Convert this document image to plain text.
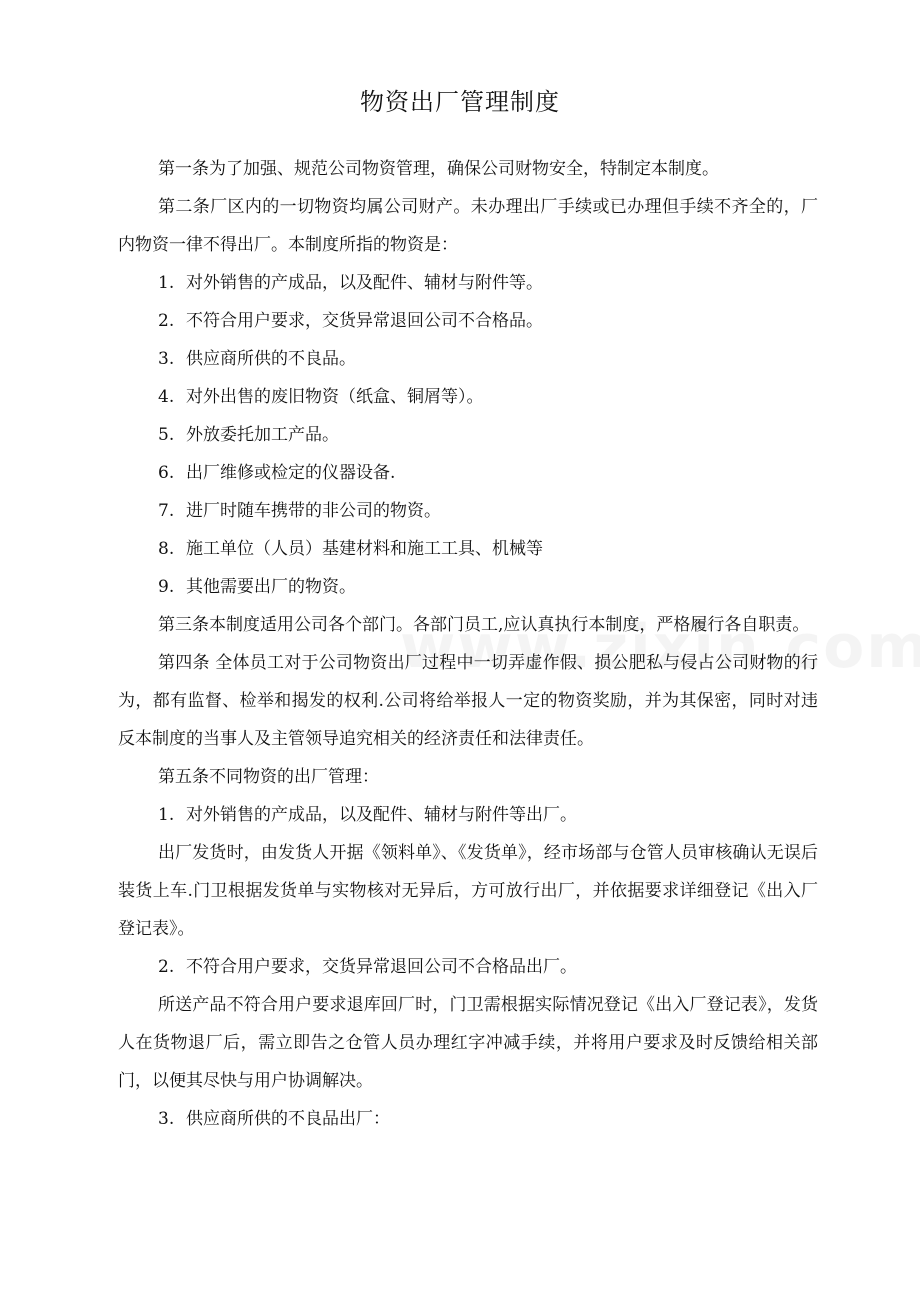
物资出厂管理制度

第一条为了加强、规范公司物资管理，确保公司财物安全，特制定本制度。

第二条厂区内的一切物资均属公司财产。未办理出厂手续或已办理但手续不齐全的，厂内物资一律不得出厂。本制度所指的物资是：

1. 对外销售的产成品，以及配件、辅材与附件等。

2. 不符合用户要求，交货异常退回公司不合格品。

3. 供应商所供的不良品。

4. 对外出售的废旧物资（纸盒、铜屑等）。

5. 外放委托加工产品。

6. 出厂维修或检定的仪器设备.

7. 进厂时随车携带的非公司的物资。

8. 施工单位（人员）基建材料和施工工具、机械等

9. 其他需要出厂的物资。

第三条本制度适用公司各个部门。各部门员工,应认真执行本制度，严格履行各自职责。

第四条 全体员工对于公司物资出厂过程中一切弄虚作假、损公肥私与侵占公司财物的行为，都有监督、检举和揭发的权利.公司将给举报人一定的物资奖励，并为其保密，同时对违反本制度的当事人及主管领导追究相关的经济责任和法律责任。

第五条不同物资的出厂管理：

1. 对外销售的产成品，以及配件、辅材与附件等出厂。

出厂发货时，由发货人开据《领料单》、《发货单》，经市场部与仓管人员审核确认无误后装货上车.门卫根据发货单与实物核对无异后，方可放行出厂，并依据要求详细登记《出入厂登记表》。

2. 不符合用户要求，交货异常退回公司不合格品出厂。

所送产品不符合用户要求退库回厂时，门卫需根据实际情况登记《出入厂登记表》，发货人在货物退厂后，需立即告之仓管人员办理红字冲减手续，并将用户要求及时反馈给相关部门，以便其尽快与用户协调解决。

3. 供应商所供的不良品出厂：
